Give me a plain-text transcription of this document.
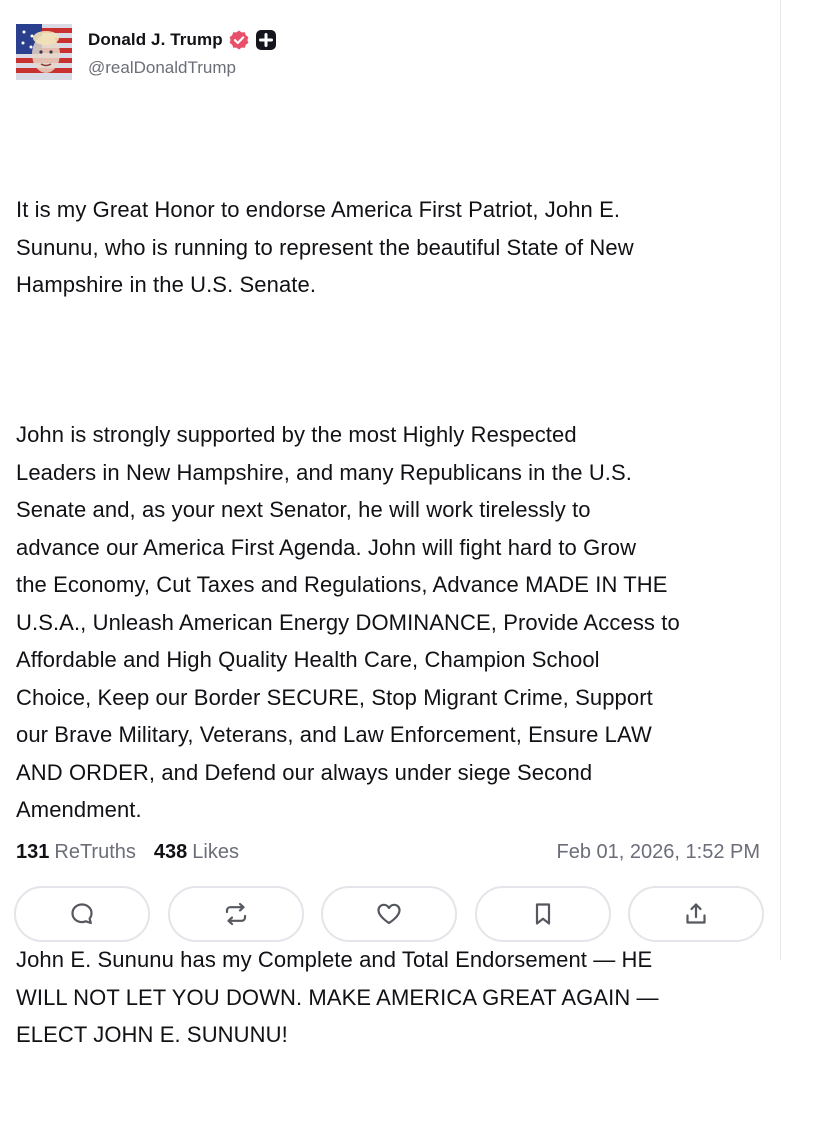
Donald J. Trump
@realDonaldTrump

It is my Great Honor to endorse America First Patriot, John E.
Sununu, who is running to represent the beautiful State of New
Hampshire in the U.S. Senate.

John is strongly supported by the most Highly Respected
Leaders in New Hampshire, and many Republicans in the U.S.
Senate and, as your next Senator, he will work tirelessly to
advance our America First Agenda. John will fight hard to Grow
the Economy, Cut Taxes and Regulations, Advance MADE IN THE
U.S.A., Unleash American Energy DOMINANCE, Provide Access to
Affordable and High Quality Health Care, Champion School
Choice, Keep our Border SECURE, Stop Migrant Crime, Support
our Brave Military, Veterans, and Law Enforcement, Ensure LAW
AND ORDER, and Defend our always under siege Second
Amendment.

John E. Sununu has my Complete and Total Endorsement — HE
WILL NOT LET YOU DOWN. MAKE AMERICA GREAT AGAIN —
ELECT JOHN E. SUNUNU!

131 ReTruths 438 Likes	Feb 01, 2026, 1:52 PM
